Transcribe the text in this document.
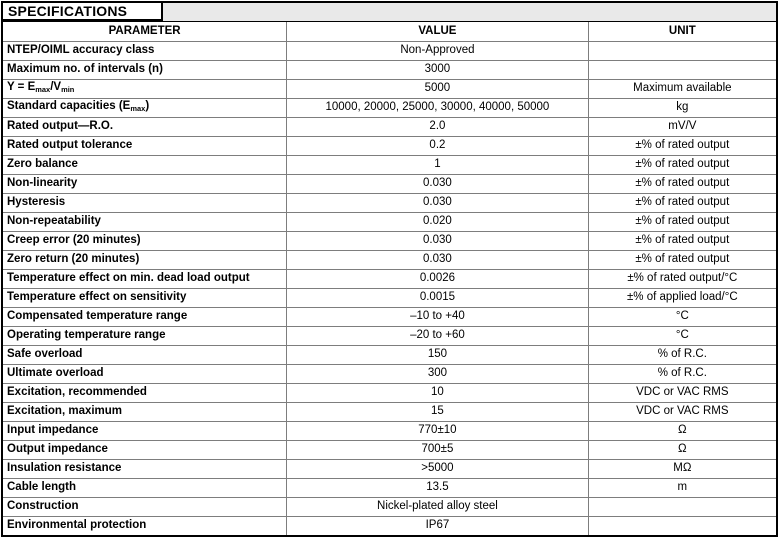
SPECIFICATIONS
PARAMETER	VALUE	UNIT
NTEP/OIML accuracy class	Non-Approved	
Maximum no. of intervals (n)	3000	
$Y = E_{max}/V_{min}$	5000	Maximum available
Standard capacities $(E_{max})$	10000, 20000, 25000, 30000, 40000, 50000	kg
Rated output—R.O.	2.0	mV/V
Rated output tolerance	0.2	±% of rated output
Zero balance	1	±% of rated output
Non-linearity	0.030	±% of rated output
Hysteresis	0.030	±% of rated output
Non-repeatability	0.020	±% of rated output
Creep error (20 minutes)	0.030	±% of rated output
Zero return (20 minutes)	0.030	±% of rated output
Temperature effect on min. dead load output	0.0026	±% of rated output/°C
Temperature effect on sensitivity	0.0015	±% of applied load/°C
Compensated temperature range	–10 to +40	°C
Operating temperature range	–20 to +60	°C
Safe overload	150	% of R.C.
Ultimate overload	300	% of R.C.
Excitation, recommended	10	VDC or VAC RMS
Excitation, maximum	15	VDC or VAC RMS
Input impedance	770±10	Ω
Output impedance	700±5	Ω
Insulation resistance	>5000	MΩ
Cable length	13.5	m
Construction	Nickel-plated alloy steel	
Environmental protection	IP67	
